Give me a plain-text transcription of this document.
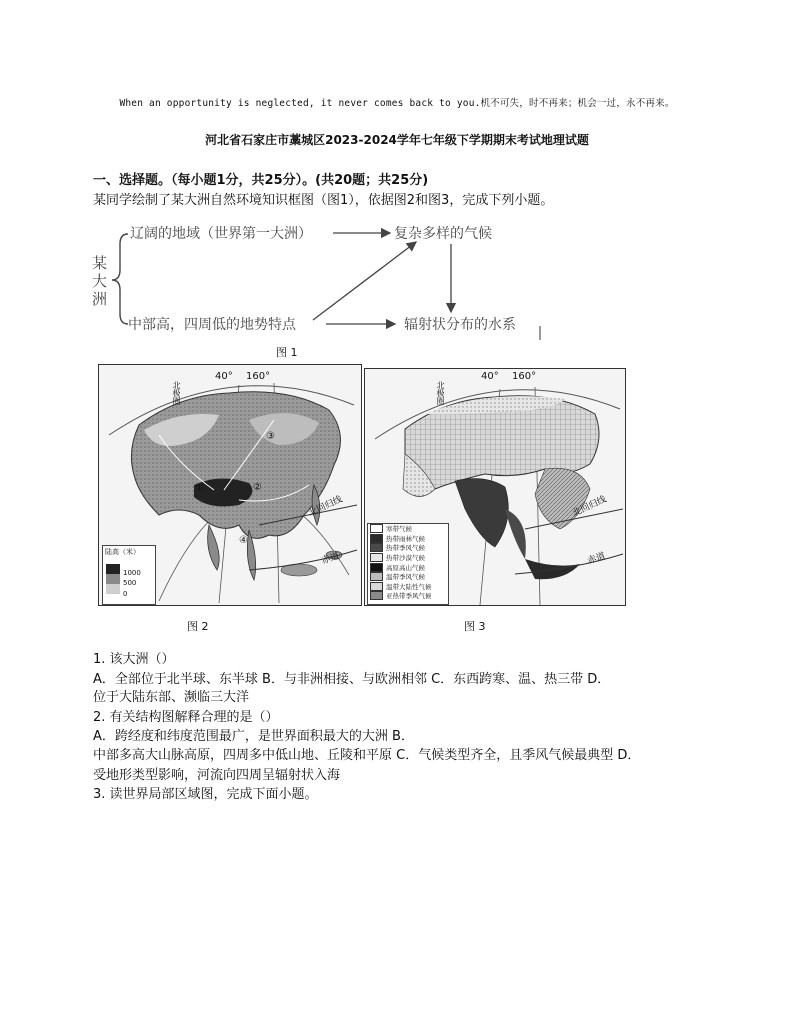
When an opportunity is neglected, it never comes back to you.机不可失，时不再来；机会一过，永不再来。
河北省石家庄市藁城区2023-2024学年七年级下学期期末考试地理试题
一、选择题。（每小题1分，共25分）。(共20题；共25分)
某同学绘制了某大洲自然环境知识框图（图1），依据图2和图3，完成下列小题。
某大洲
辽阔的地域（世界第一大洲）	复杂多样的气候
中部高，四周低的地势特点	辐射状分布的水系
图 1
40° 160°
北极圈
北回归线
赤道
③
②
①
④
陆高（米）
1000
500
0
图 2
40° 160°
北极圈
北回归线
赤道
寒带气候
热带雨林气候
热带季风气候
热带沙漠气候
高原高山气候
温带季风气候
温带大陆性气候
亚热带季风气候
图 3
1. 该大洲（）
A．全部位于北半球、东半球 B．与非洲相接、与欧洲相邻 C．东西跨寒、温、热三带 D．
位于大陆东部、濒临三大洋
2. 有关结构图解释合理的是（）
A．跨经度和纬度范围最广，是世界面积最大的大洲 B．
中部多高大山脉高原，四周多中低山地、丘陵和平原 C．气候类型齐全，且季风气候最典型 D．
受地形类型影响，河流向四周呈辐射状入海
3. 读世界局部区域图，完成下面小题。
